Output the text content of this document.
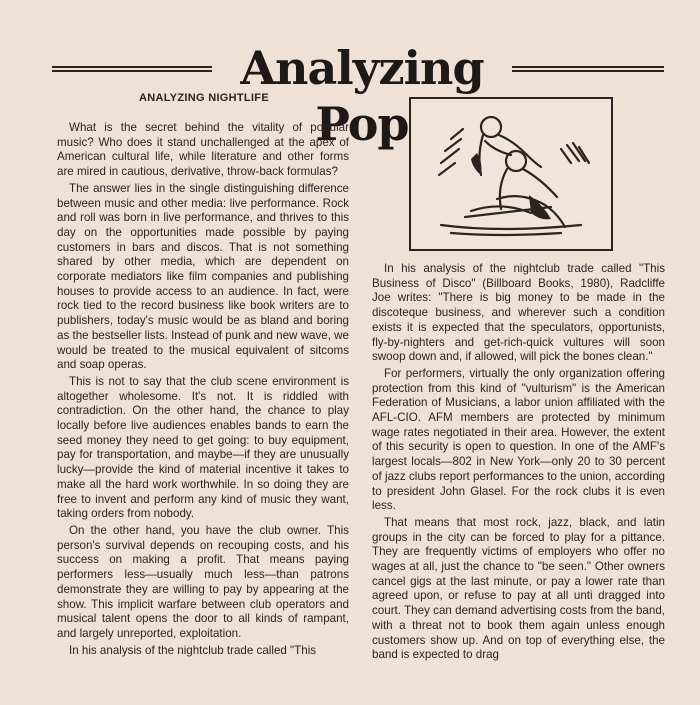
Analyzing Pop
ANALYZING NIGHTLIFE

What is the secret behind the vitality of popular music? Who does it stand unchallenged at the apex of American cultural life, while literature and other forms are mired in cautious, derivative, throw-back formulas?

The answer lies in the single distinguishing difference between music and other media: live performance. Rock and roll was born in live performance, and thrives to this day on the opportunities made possible by paying customers in bars and discos. That is not something shared by other media, which are dependent on corporate mediators like film companies and publishing houses to provide access to an audience. In fact, were rock tied to the record business like book writers are to publishers, today's music would be as bland and boring as the bestseller lists. Instead of punk and new wave, we would be treated to the musical equivalent of sitcoms and soap operas.

This is not to say that the club scene environment is altogether wholesome. It's not. It is riddled with contradiction. On the other hand, the chance to play locally before live audiences enables bands to earn the seed money they need to get going: to buy equipment, pay for transportation, and maybe—if they are unusually lucky—provide the kind of material incentive it takes to make all the hard work worthwhile. In so doing they are free to invent and perform any kind of music they want, taking orders from nobody.

On the other hand, you have the club owner. This person's survival depends on recouping costs, and his success on making a profit. That means paying performers less—usually much less—than patrons demonstrate they are willing to pay by appearing at the show. This implicit warfare between club operators and musical talent opens the door to all kinds of rampant, and largely unreported, exploitation.

In his analysis of the nightclub trade called "This

In his analysis of the nightclub trade called "This Business of Disco" (Billboard Books, 1980), Radcliffe Joe writes: "There is big money to be made in the discoteque business, and wherever such a condition exists it is expected that the speculators, opportunists, fly-by-nighters and get-rich-quick vultures will soon swoop down and, if allowed, will pick the bones clean."

For performers, virtually the only organization offering protection from this kind of "vulturism" is the American Federation of Musicians, a labor union affiliated with the AFL-CIO. AFM members are protected by minimum wage rates negotiated in their area. However, the extent of this security is open to question. In one of the AMF's largest locals—802 in New York—only 20 to 30 percent of jazz clubs report performances to the union, according to president John Glasel. For the rock clubs it is even less.

That means that most rock, jazz, black, and latin groups in the city can be forced to play for a pittance. They are frequently victims of employers who offer no wages at all, just the chance to "be seen." Other owners cancel gigs at the last minute, or pay a lower rate than agreed upon, or refuse to pay at all unti dragged into court. They can demand advertising costs from the band, with a threat not to book them again unless enough customers show up. And on top of everything else, the band is expected to drag
